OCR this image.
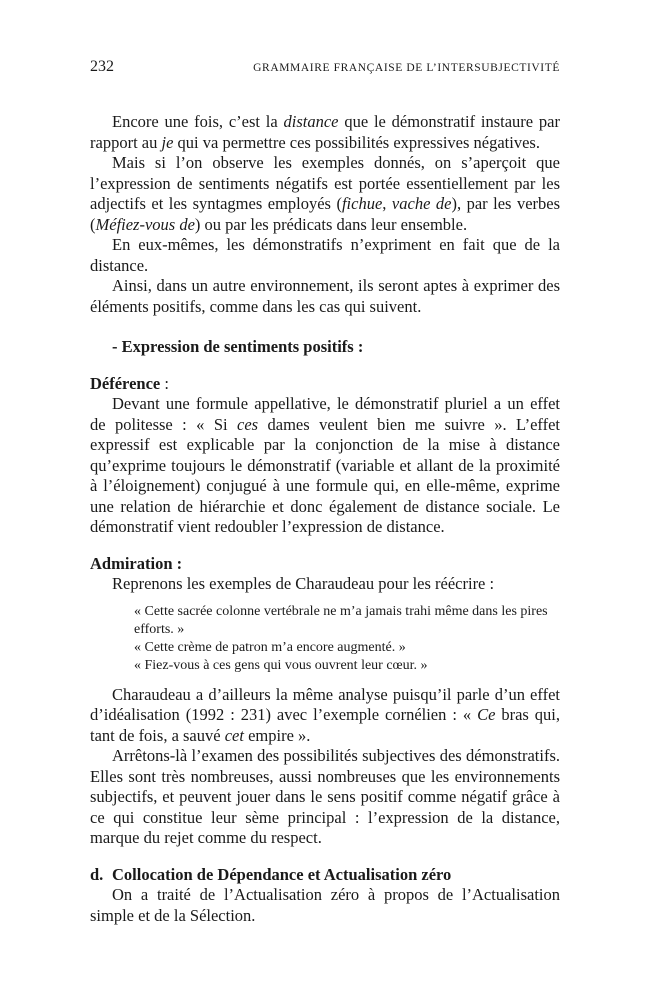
232	GRAMMAIRE FRANÇAISE DE L’INTERSUBJECTIVITÉ

Encore une fois, c’est la distance que le démonstratif instaure par rapport au je qui va permettre ces possibilités expressives négatives.

Mais si l’on observe les exemples donnés, on s’aperçoit que l’expression de sentiments négatifs est portée essentiellement par les adjectifs et les syntagmes employés (fichue, vache de), par les verbes (Méfiez-vous de) ou par les prédicats dans leur ensemble.

En eux-mêmes, les démonstratifs n’expriment en fait que de la distance.

Ainsi, dans un autre environnement, ils seront aptes à exprimer des éléments positifs, comme dans les cas qui suivent.

- Expression de sentiments positifs :
Déférence :

Devant une formule appellative, le démonstratif pluriel a un effet de politesse : « Si ces dames veulent bien me suivre ». L’effet expressif est explicable par la conjonction de la mise à distance qu’exprime toujours le démonstratif (variable et allant de la proximité à l’éloignement) conjugué à une formule qui, en elle-même, exprime une relation de hiérarchie et donc également de distance sociale. Le démonstratif vient redoubler l’expression de distance.

Admiration :

Reprenons les exemples de Charaudeau pour les réécrire :

« Cette sacrée colonne vertébrale ne m’a jamais trahi même dans les pires efforts. »
« Cette crème de patron m’a encore augmenté. »
« Fiez-vous à ces gens qui vous ouvrent leur cœur. »

Charaudeau a d’ailleurs la même analyse puisqu’il parle d’un effet d’idéalisation (1992 : 231) avec l’exemple cornélien : « Ce bras qui, tant de fois, a sauvé cet empire ».

Arrêtons-là l’examen des possibilités subjectives des démonstratifs. Elles sont très nombreuses, aussi nombreuses que les environnements subjectifs, et peuvent jouer dans le sens positif comme négatif grâce à ce qui constitue leur sème principal : l’expression de la distance, marque du rejet comme du respect.

d. Collocation de Dépendance et Actualisation zéro

On a traité de l’Actualisation zéro à propos de l’Actualisation simple et de la Sélection.
